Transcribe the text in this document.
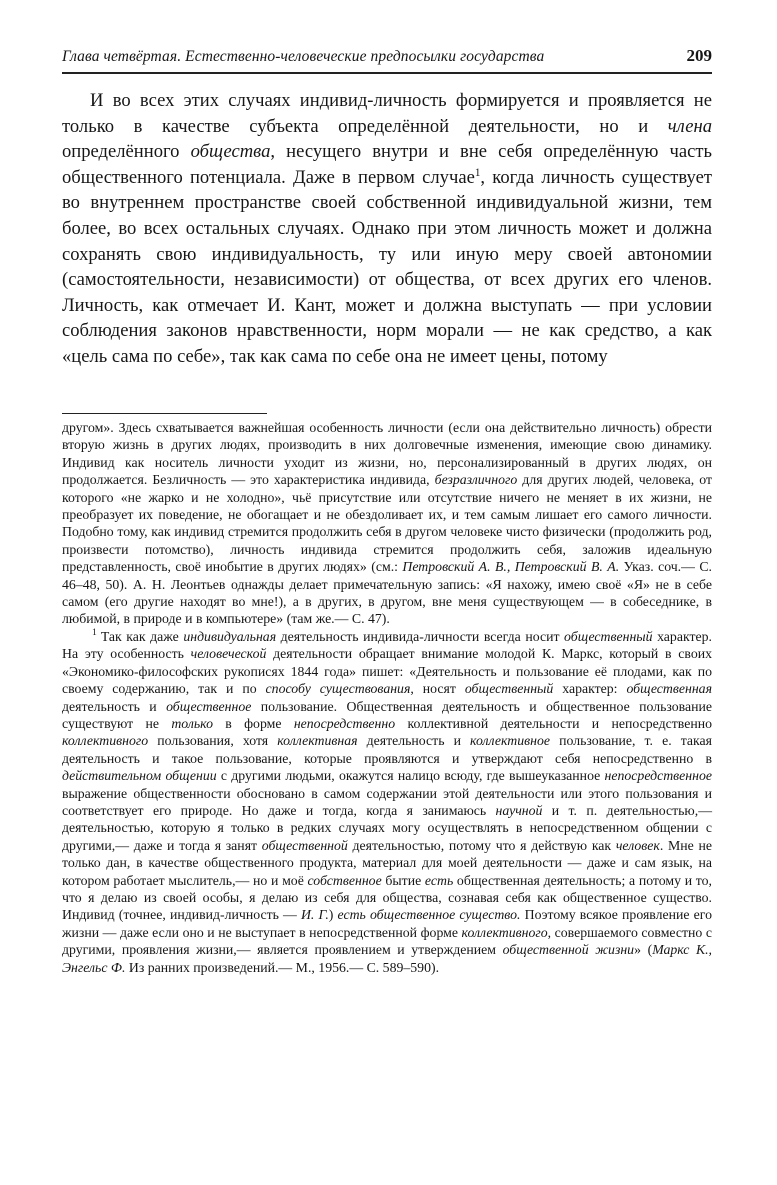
Глава четвёртая. Естественно-человеческие предпосылки государства	209

И во всех этих случаях индивид-личность формируется и проявляется не только в качестве субъекта определённой деятельности, но и члена определённого общества, несущего внутри и вне себя определённую часть общественного потенциала. Даже в первом случае$^1$, когда личность существует во внутреннем пространстве своей собственной индивидуальной жизни, тем более, во всех остальных случаях. Однако при этом личность может и должна сохранять свою индивидуальность, ту или иную меру своей автономии (самостоятельности, независимости) от общества, от всех других его членов. Личность, как отмечает И. Кант, может и должна выступать — при условии соблюдения законов нравственности, норм морали — не как средство, а как «цель сама по себе», так как сама по себе она не имеет цены, потому

другом». Здесь схватывается важнейшая особенность личности (если она действительно личность) обрести вторую жизнь в других людях, производить в них долговечные изменения, имеющие свою динамику. Индивид как носитель личности уходит из жизни, но, персонализированный в других людях, он продолжается. Безличность — это характеристика индивида, безразличного для других людей, человека, от которого «не жарко и не холодно», чьё присутствие или отсутствие ничего не меняет в их жизни, не преобразует их поведение, не обогащает и не обездоливает их, и тем самым лишает его самого личности. Подобно тому, как индивид стремится продолжить себя в другом человеке чисто физически (продолжить род, произвести потомство), личность индивида стремится продолжить себя, заложив идеальную представленность, своё инобытие в других людях» (см.: Петровский А. В., Петровский В. А. Указ. соч.— С. 46–48, 50). А. Н. Леонтьев однажды делает примечательную запись: «Я нахожу, имею своё «Я» не в себе самом (его другие находят во мне!), а в других, в другом, вне меня существующем — в собеседнике, в любимой, в природе и в компьютере» (там же.— С. 47).

$^1$ Так как даже индивидуальная деятельность индивида-личности всегда носит общественный характер. На эту особенность человеческой деятельности обращает внимание молодой К. Маркс, который в своих «Экономико-философских рукописях 1844 года» пишет: «Деятельность и пользование её плодами, как по своему содержанию, так и по способу существования, носят общественный характер: общественная деятельность и общественное пользование. Общественная деятельность и общественное пользование существуют не только в форме непосредственно коллективной деятельности и непосредственно коллективного пользования, хотя коллективная деятельность и коллективное пользование, т. е. такая деятельность и такое пользование, которые проявляются и утверждают себя непосредственно в действительном общении с другими людьми, окажутся налицо всюду, где вышеуказанное непосредственное выражение общественности обосновано в самом содержании этой деятельности или этого пользования и соответствует его природе. Но даже и тогда, когда я занимаюсь научной и т. п. деятельностью,— деятельностью, которую я только в редких случаях могу осуществлять в непосредственном общении с другими,— даже и тогда я занят общественной деятельностью, потому что я действую как человек. Мне не только дан, в качестве общественного продукта, материал для моей деятельности — даже и сам язык, на котором работает мыслитель,— но и моё собственное бытие есть общественная деятельность; а потому и то, что я делаю из своей особы, я делаю из себя для общества, сознавая себя как общественное существо. Индивид (точнее, индивид-личность — И. Г.) есть общественное существо. Поэтому всякое проявление его жизни — даже если оно и не выступает в непосредственной форме коллективного, совершаемого совместно с другими, проявления жизни,— является проявлением и утверждением общественной жизни» (Маркс К., Энгельс Ф. Из ранних произведений.— М., 1956.— С. 589–590).
